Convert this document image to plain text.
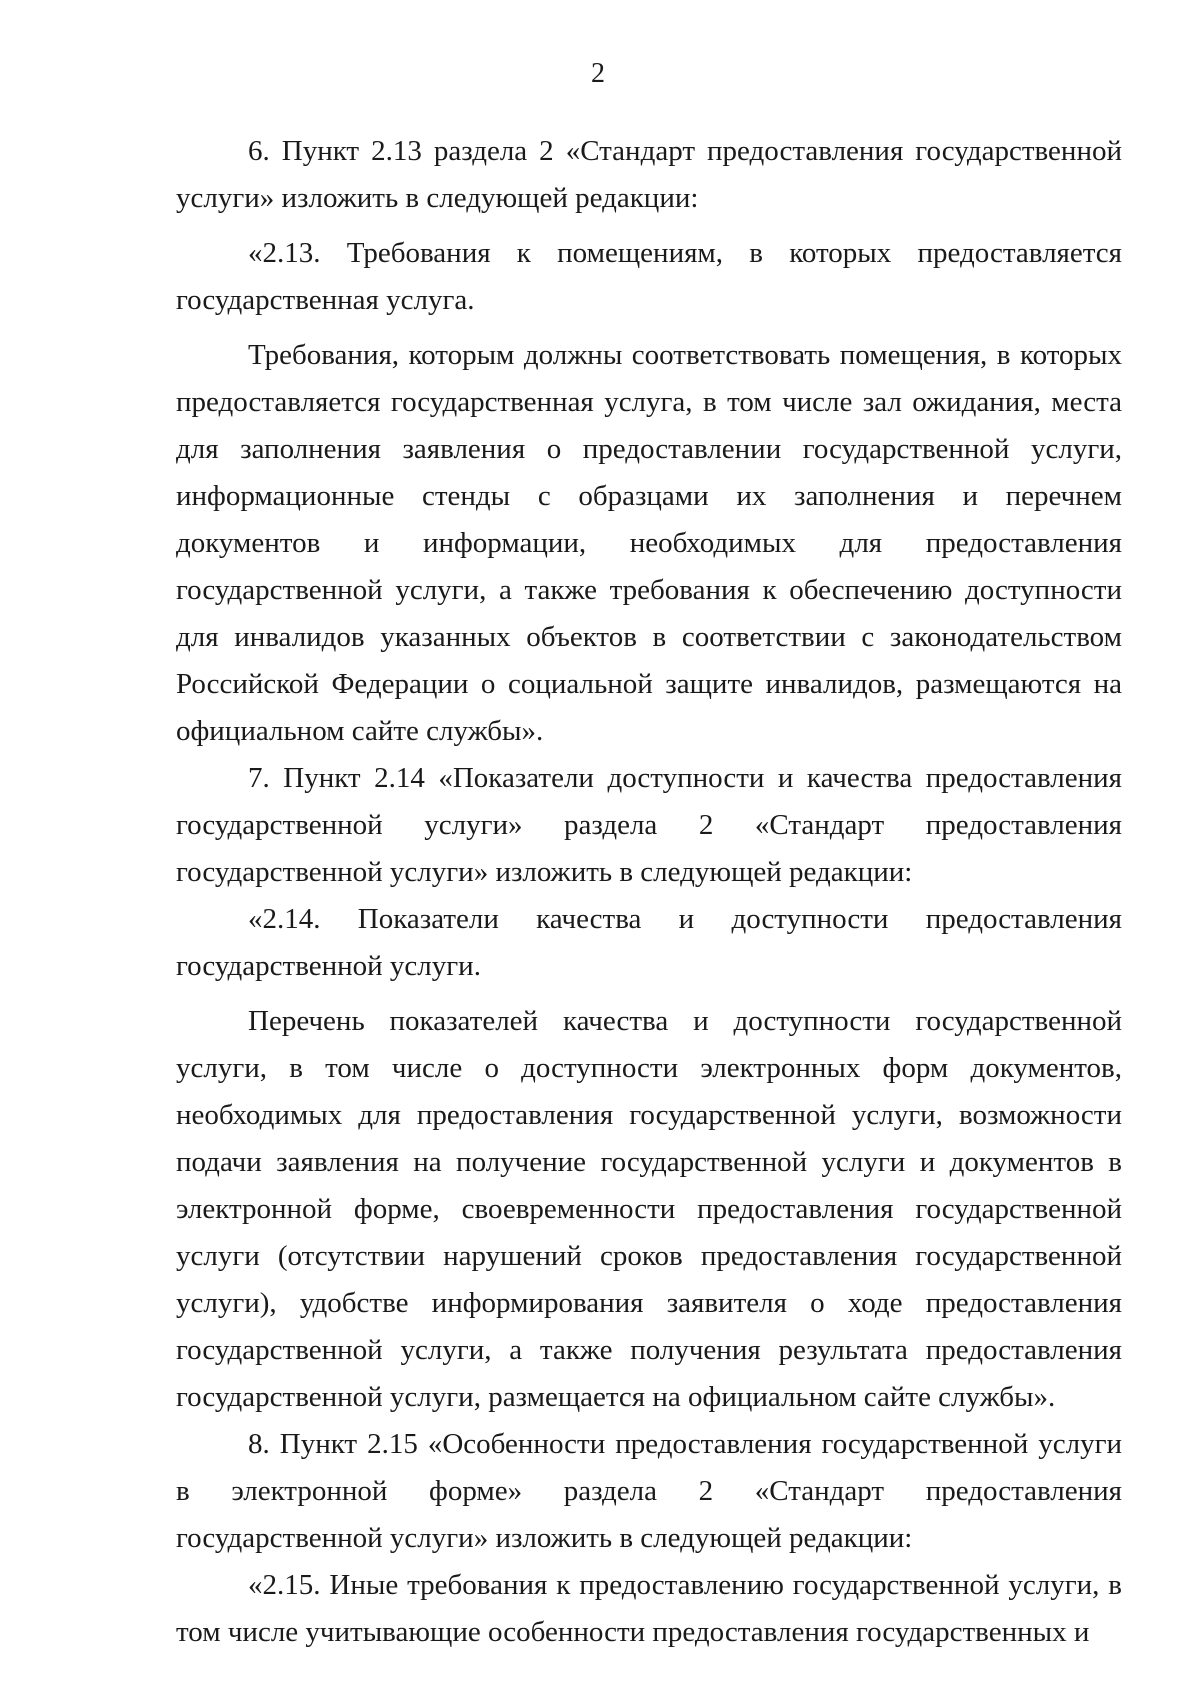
2

6. Пункт 2.13 раздела 2 «Стандарт предоставления государственной услуги» изложить в следующей редакции:

«2.13. Требования к помещениям, в которых предоставляется государственная услуга.

Требования, которым должны соответствовать помещения, в которых предоставляется государственная услуга, в том числе зал ожидания, места для заполнения заявления о предоставлении государственной услуги, информационные стенды с образцами их заполнения и перечнем документов и информации, необходимых для предоставления государственной услуги, а также требования к обеспечению доступности для инвалидов указанных объектов в соответствии с законодательством Российской Федерации о социальной защите инвалидов, размещаются на официальном сайте службы».

7. Пункт 2.14 «Показатели доступности и качества предоставления государственной услуги» раздела 2 «Стандарт предоставления государственной услуги» изложить в следующей редакции:

«2.14. Показатели качества и доступности предоставления государственной услуги.

Перечень показателей качества и доступности государственной услуги, в том числе о доступности электронных форм документов, необходимых для предоставления государственной услуги, возможности подачи заявления на получение государственной услуги и документов в электронной форме, своевременности предоставления государственной услуги (отсутствии нарушений сроков предоставления государственной услуги), удобстве информирования заявителя о ходе предоставления государственной услуги, а также получения результата предоставления государственной услуги, размещается на официальном сайте службы».

8. Пункт 2.15 «Особенности предоставления государственной услуги в электронной форме» раздела 2 «Стандарт предоставления государственной услуги» изложить в следующей редакции:

«2.15. Иные требования к предоставлению государственной услуги, в том числе учитывающие особенности предоставления государственных и
